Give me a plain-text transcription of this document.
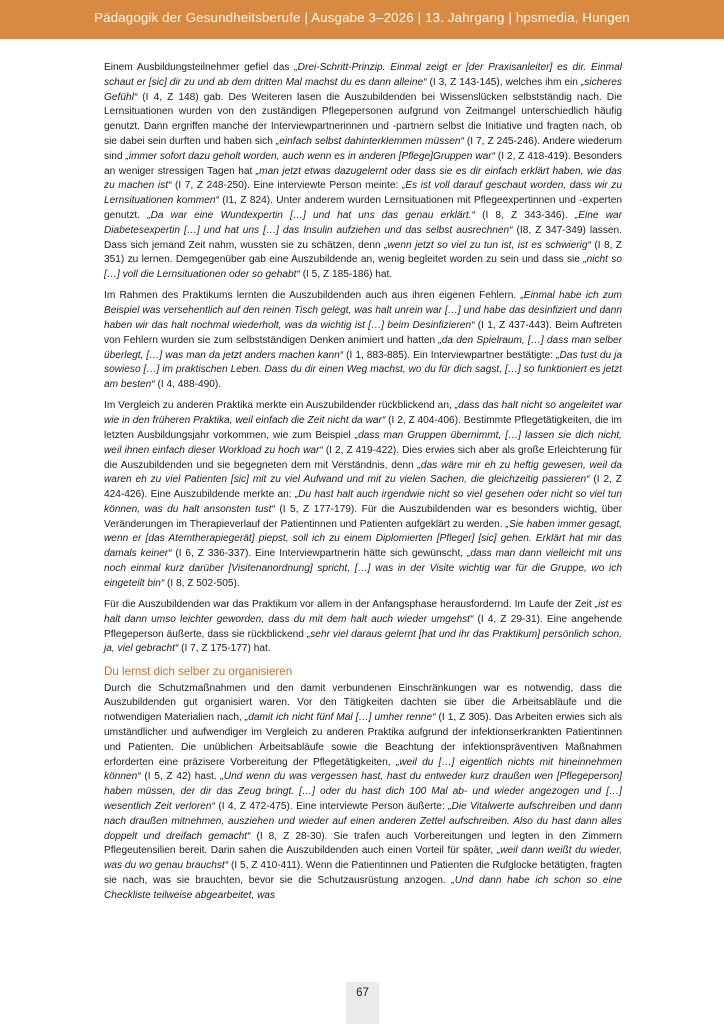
Pädagogik der Gesundheitsberufe | Ausgabe 3–2026 | 13. Jahrgang | hpsmedia, Hungen

Einem Ausbildungsteilnehmer gefiel das „Drei-Schritt-Prinzip. Einmal zeigt er [der Praxisanleiter] es dir. Einmal schaut er [sic] dir zu und ab dem dritten Mal machst du es dann alleine“ (I 3, Z 143-145), welches ihm ein „sicheres Gefühl“ (I 4, Z 148) gab. Des Weiteren lasen die Auszubildenden bei Wissenslücken selbstständig nach. Die Lernsituationen wurden von den zuständigen Pflegepersonen aufgrund von Zeitmangel unterschiedlich häufig genutzt. Dann ergriffen manche der Interviewpartnerinnen und -partnern selbst die Initiative und fragten nach, ob sie dabei sein durften und haben sich „einfach selbst dahinterklemmen müssen“ (I 7, Z 245-246). Andere wiederum sind „immer sofort dazu geholt worden, auch wenn es in anderen [Pflege]Gruppen war“ (I 2, Z 418-419). Besonders an weniger stressigen Tagen hat „man jetzt etwas dazugelernt oder dass sie es dir einfach erklärt haben, wie das zu machen ist“ (I 7, Z 248-250). Eine interviewte Person meinte: „Es ist voll darauf geschaut worden, dass wir zu Lernsituationen kommen“ (I1, Z 824). Unter anderem wurden Lernsituationen mit Pflegeexpertinnen und -experten genutzt. „Da war eine Wundexpertin […] und hat uns das genau erklärt.“ (I 8, Z 343-346). „Eine war Diabetesexpertin […] und hat uns […] das Insulin aufziehen und das selbst ausrechnen“ (I8, Z 347-349) lassen. Dass sich jemand Zeit nahm, wussten sie zu schätzen, denn „wenn jetzt so viel zu tun ist, ist es schwierig“ (I 8, Z 351) zu lernen. Demgegenüber gab eine Auszubildende an, wenig begleitet worden zu sein und dass sie „nicht so […] voll die Lernsituationen oder so gehabt“ (I 5, Z 185-186) hat.

Im Rahmen des Praktikums lernten die Auszubildenden auch aus ihren eigenen Fehlern. „Einmal habe ich zum Beispiel was versehentlich auf den reinen Tisch gelegt, was halt unrein war […] und habe das desinfiziert und dann haben wir das halt nochmal wiederholt, was da wichtig ist […] beim Desinfizieren“ (I 1, Z 437-443). Beim Auftreten von Fehlern wurden sie zum selbstständigen Denken animiert und hatten „da den Spielraum, […] dass man selber überlegt, […] was man da jetzt anders machen kann“ (I 1, 883-885). Ein Interviewpartner bestätigte: „Das tust du ja sowieso […] im praktischen Leben. Dass du dir einen Weg machst, wo du für dich sagst, […] so funktioniert es jetzt am besten“ (I 4, 488-490).

Im Vergleich zu anderen Praktika merkte ein Auszubildender rückblickend an, „dass das halt nicht so angeleitet war wie in den früheren Praktika, weil einfach die Zeit nicht da war“ (I 2, Z 404-406). Bestimmte Pflegetätigkeiten, die im letzten Ausbildungsjahr vorkommen, wie zum Beispiel „dass man Gruppen übernimmt, […] lassen sie dich nicht, weil ihnen einfach dieser Workload zu hoch war“ (I 2, Z 419-422). Dies erwies sich aber als große Erleichterung für die Auszubildenden und sie begegneten dem mit Verständnis, denn „das wäre mir eh zu heftig gewesen, weil da waren eh zu viel Patienten [sic] mit zu viel Aufwand und mit zu vielen Sachen, die gleichzeitig passieren“ (I 2, Z 424-426). Eine Auszubildende merkte an: „Du hast halt auch irgendwie nicht so viel gesehen oder nicht so viel tun können, was du halt ansonsten tust“ (I 5, Z 177-179). Für die Auszubildenden war es besonders wichtig, über Veränderungen im Therapieverlauf der Patientinnen und Patienten aufgeklärt zu werden. „Sie haben immer gesagt, wenn er [das Atemtherapiegerät] piepst, soll ich zu einem Diplomierten [Pfleger] [sic] gehen. Erklärt hat mir das damals keiner“ (I 6, Z 336-337). Eine Interviewpartnerin hätte sich gewünscht, „dass man dann vielleicht mit uns noch einmal kurz darüber [Visitenanordnung] spricht, […] was in der Visite wichtig war für die Gruppe, wo ich eingeteilt bin“ (I 8, Z 502-505).

Für die Auszubildenden war das Praktikum vor allem in der Anfangsphase herausfordernd. Im Laufe der Zeit „ist es halt dann umso leichter geworden, dass du mit dem halt auch wieder umgehst“ (I 4, Z 29-31). Eine angehende Pflegeperson äußerte, dass sie rückblickend „sehr viel daraus gelernt [hat und ihr das Praktikum] persönlich schon, ja, viel gebracht“ (I 7, Z 175-177) hat.

Du lernst dich selber zu organisieren

Durch die Schutzmaßnahmen und den damit verbundenen Einschränkungen war es notwendig, dass die Auszubildenden gut organisiert waren. Vor den Tätigkeiten dachten sie über die Arbeitsabläufe und die notwendigen Materialien nach, „damit ich nicht fünf Mal […] umher renne“ (I 1, Z 305). Das Arbeiten erwies sich als umständlicher und aufwendiger im Vergleich zu anderen Praktika aufgrund der infektionserkrankten Patientinnen und Patienten. Die unüblichen Arbeitsabläufe sowie die Beachtung der infektionspräventiven Maßnahmen erforderten eine präzisere Vorbereitung der Pflegetätigkeiten, „weil du […] eigentlich nichts mit hineinnehmen können“ (I 5, Z 42) hast. „Und wenn du was vergessen hast, hast du entweder kurz draußen wen [Pflegeperson] haben müssen, der dir das Zeug bringt. […] oder du hast dich 100 Mal ab- und wieder angezogen und […] wesentlich Zeit verloren“ (I 4, Z 472-475). Eine interviewte Person äußerte: „Die Vitalwerte aufschreiben und dann nach draußen mitnehmen, ausziehen und wieder auf einen anderen Zettel aufschreiben. Also du hast dann alles doppelt und dreifach gemacht“ (I 8, Z 28-30). Sie trafen auch Vorbereitungen und legten in den Zimmern Pflegeutensilien bereit. Darin sahen die Auszubildenden auch einen Vorteil für später, „weil dann weißt du wieder, was du wo genau brauchst“ (I 5, Z 410-411). Wenn die Patientinnen und Patienten die Rufglocke betätigten, fragten sie nach, was sie brauchten, bevor sie die Schutzausrüstung anzogen. „Und dann habe ich schon so eine Checkliste teilweise abgearbeitet, was

67
